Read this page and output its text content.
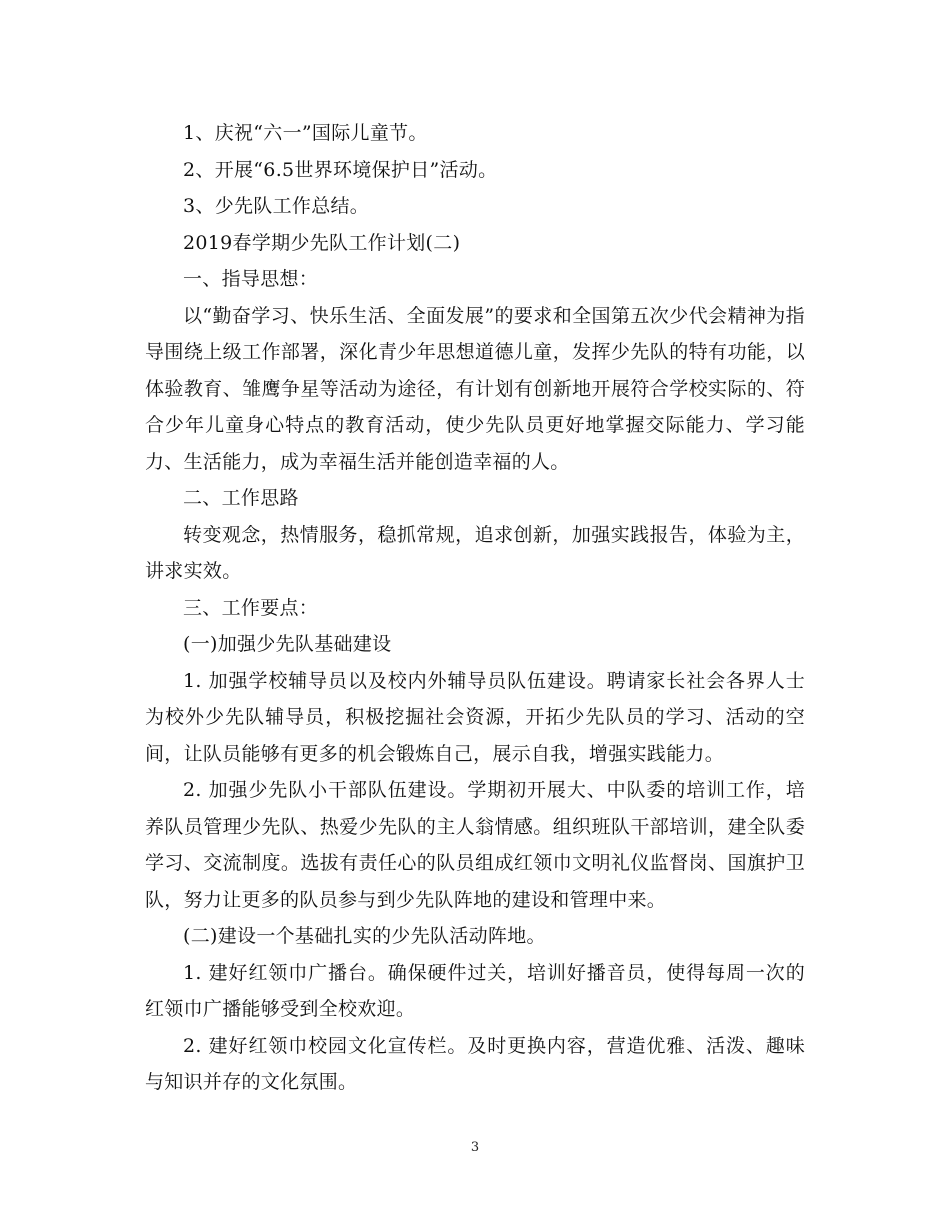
1、庆祝“六一”国际儿童节。

2、开展“6.5世界环境保护日”活动。

3、少先队工作总结。

2019春学期少先队工作计划(二)

一、指导思想：

以“勤奋学习、快乐生活、全面发展”的要求和全国第五次少代会精神为指导围绕上级工作部署，深化青少年思想道德儿童，发挥少先队的特有功能，以体验教育、雏鹰争星等活动为途径，有计划有创新地开展符合学校实际的、符合少年儿童身心特点的教育活动，使少先队员更好地掌握交际能力、学习能力、生活能力，成为幸福生活并能创造幸福的人。

二、工作思路

转变观念，热情服务，稳抓常规，追求创新，加强实践报告，体验为主，讲求实效。

三、工作要点：

(一)加强少先队基础建设

1. 加强学校辅导员以及校内外辅导员队伍建设。聘请家长社会各界人士为校外少先队辅导员，积极挖掘社会资源，开拓少先队员的学习、活动的空间，让队员能够有更多的机会锻炼自己，展示自我，增强实践能力。

2. 加强少先队小干部队伍建设。学期初开展大、中队委的培训工作，培养队员管理少先队、热爱少先队的主人翁情感。组织班队干部培训，建全队委学习、交流制度。选拔有责任心的队员组成红领巾文明礼仪监督岗、国旗护卫队，努力让更多的队员参与到少先队阵地的建设和管理中来。

(二)建设一个基础扎实的少先队活动阵地。

1. 建好红领巾广播台。确保硬件过关，培训好播音员，使得每周一次的红领巾广播能够受到全校欢迎。

2. 建好红领巾校园文化宣传栏。及时更换内容，营造优雅、活泼、趣味与知识并存的文化氛围。

3
